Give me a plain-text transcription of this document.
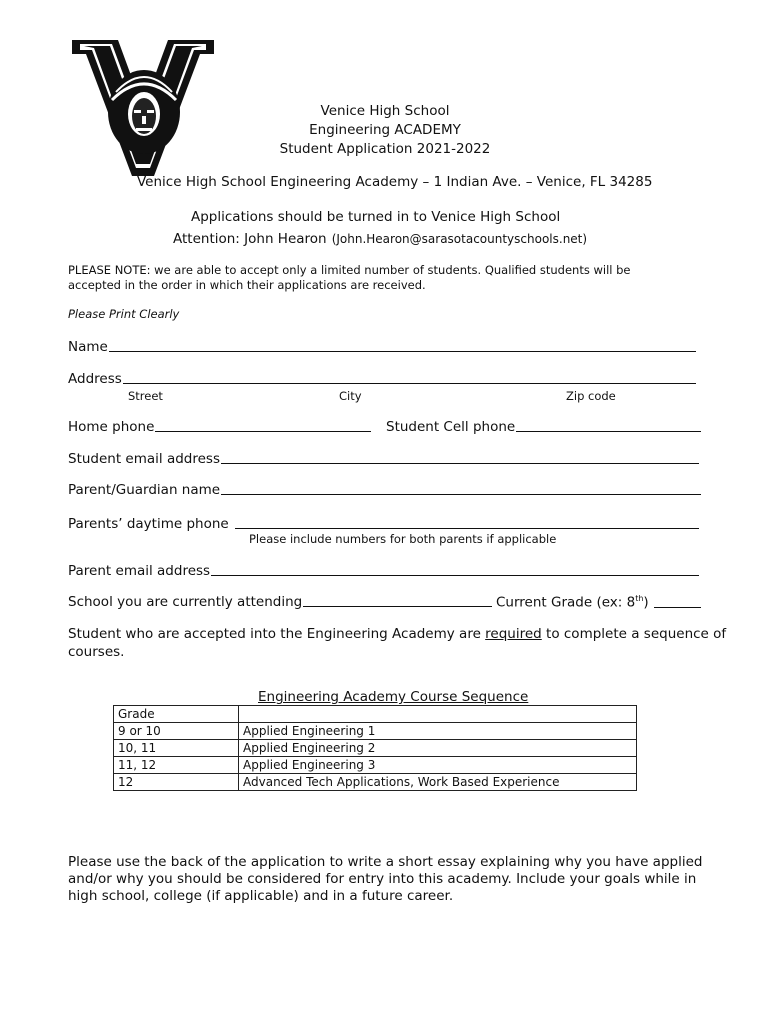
Venice High School
Engineering ACADEMY
Student Application 2021-2022
Venice High School Engineering Academy – 1 Indian Ave. – Venice, FL 34285
Applications should be turned in to Venice High School
Attention: John Hearon (John.Hearon@sarasotacountyschools.net)
PLEASE NOTE: we are able to accept only a limited number of students. Qualified students will be
accepted in the order in which their applications are received.
Please Print Clearly
Name
Address
Street	City	Zip code
Home phone	Student Cell phone
Student email address
Parent/Guardian name
Parents’ daytime phone
Please include numbers for both parents if applicable
Parent email address
School you are currently attending	Current Grade (ex: 8th)
Student who are accepted into the Engineering Academy are required to complete a sequence of
courses.
Engineering Academy Course Sequence
Grade	
9 or 10	Applied Engineering 1
10, 11	Applied Engineering 2
11, 12	Applied Engineering 3
12	Advanced Tech Applications, Work Based Experience
Please use the back of the application to write a short essay explaining why you have applied
and/or why you should be considered for entry into this academy. Include your goals while in
high school, college (if applicable) and in a future career.
